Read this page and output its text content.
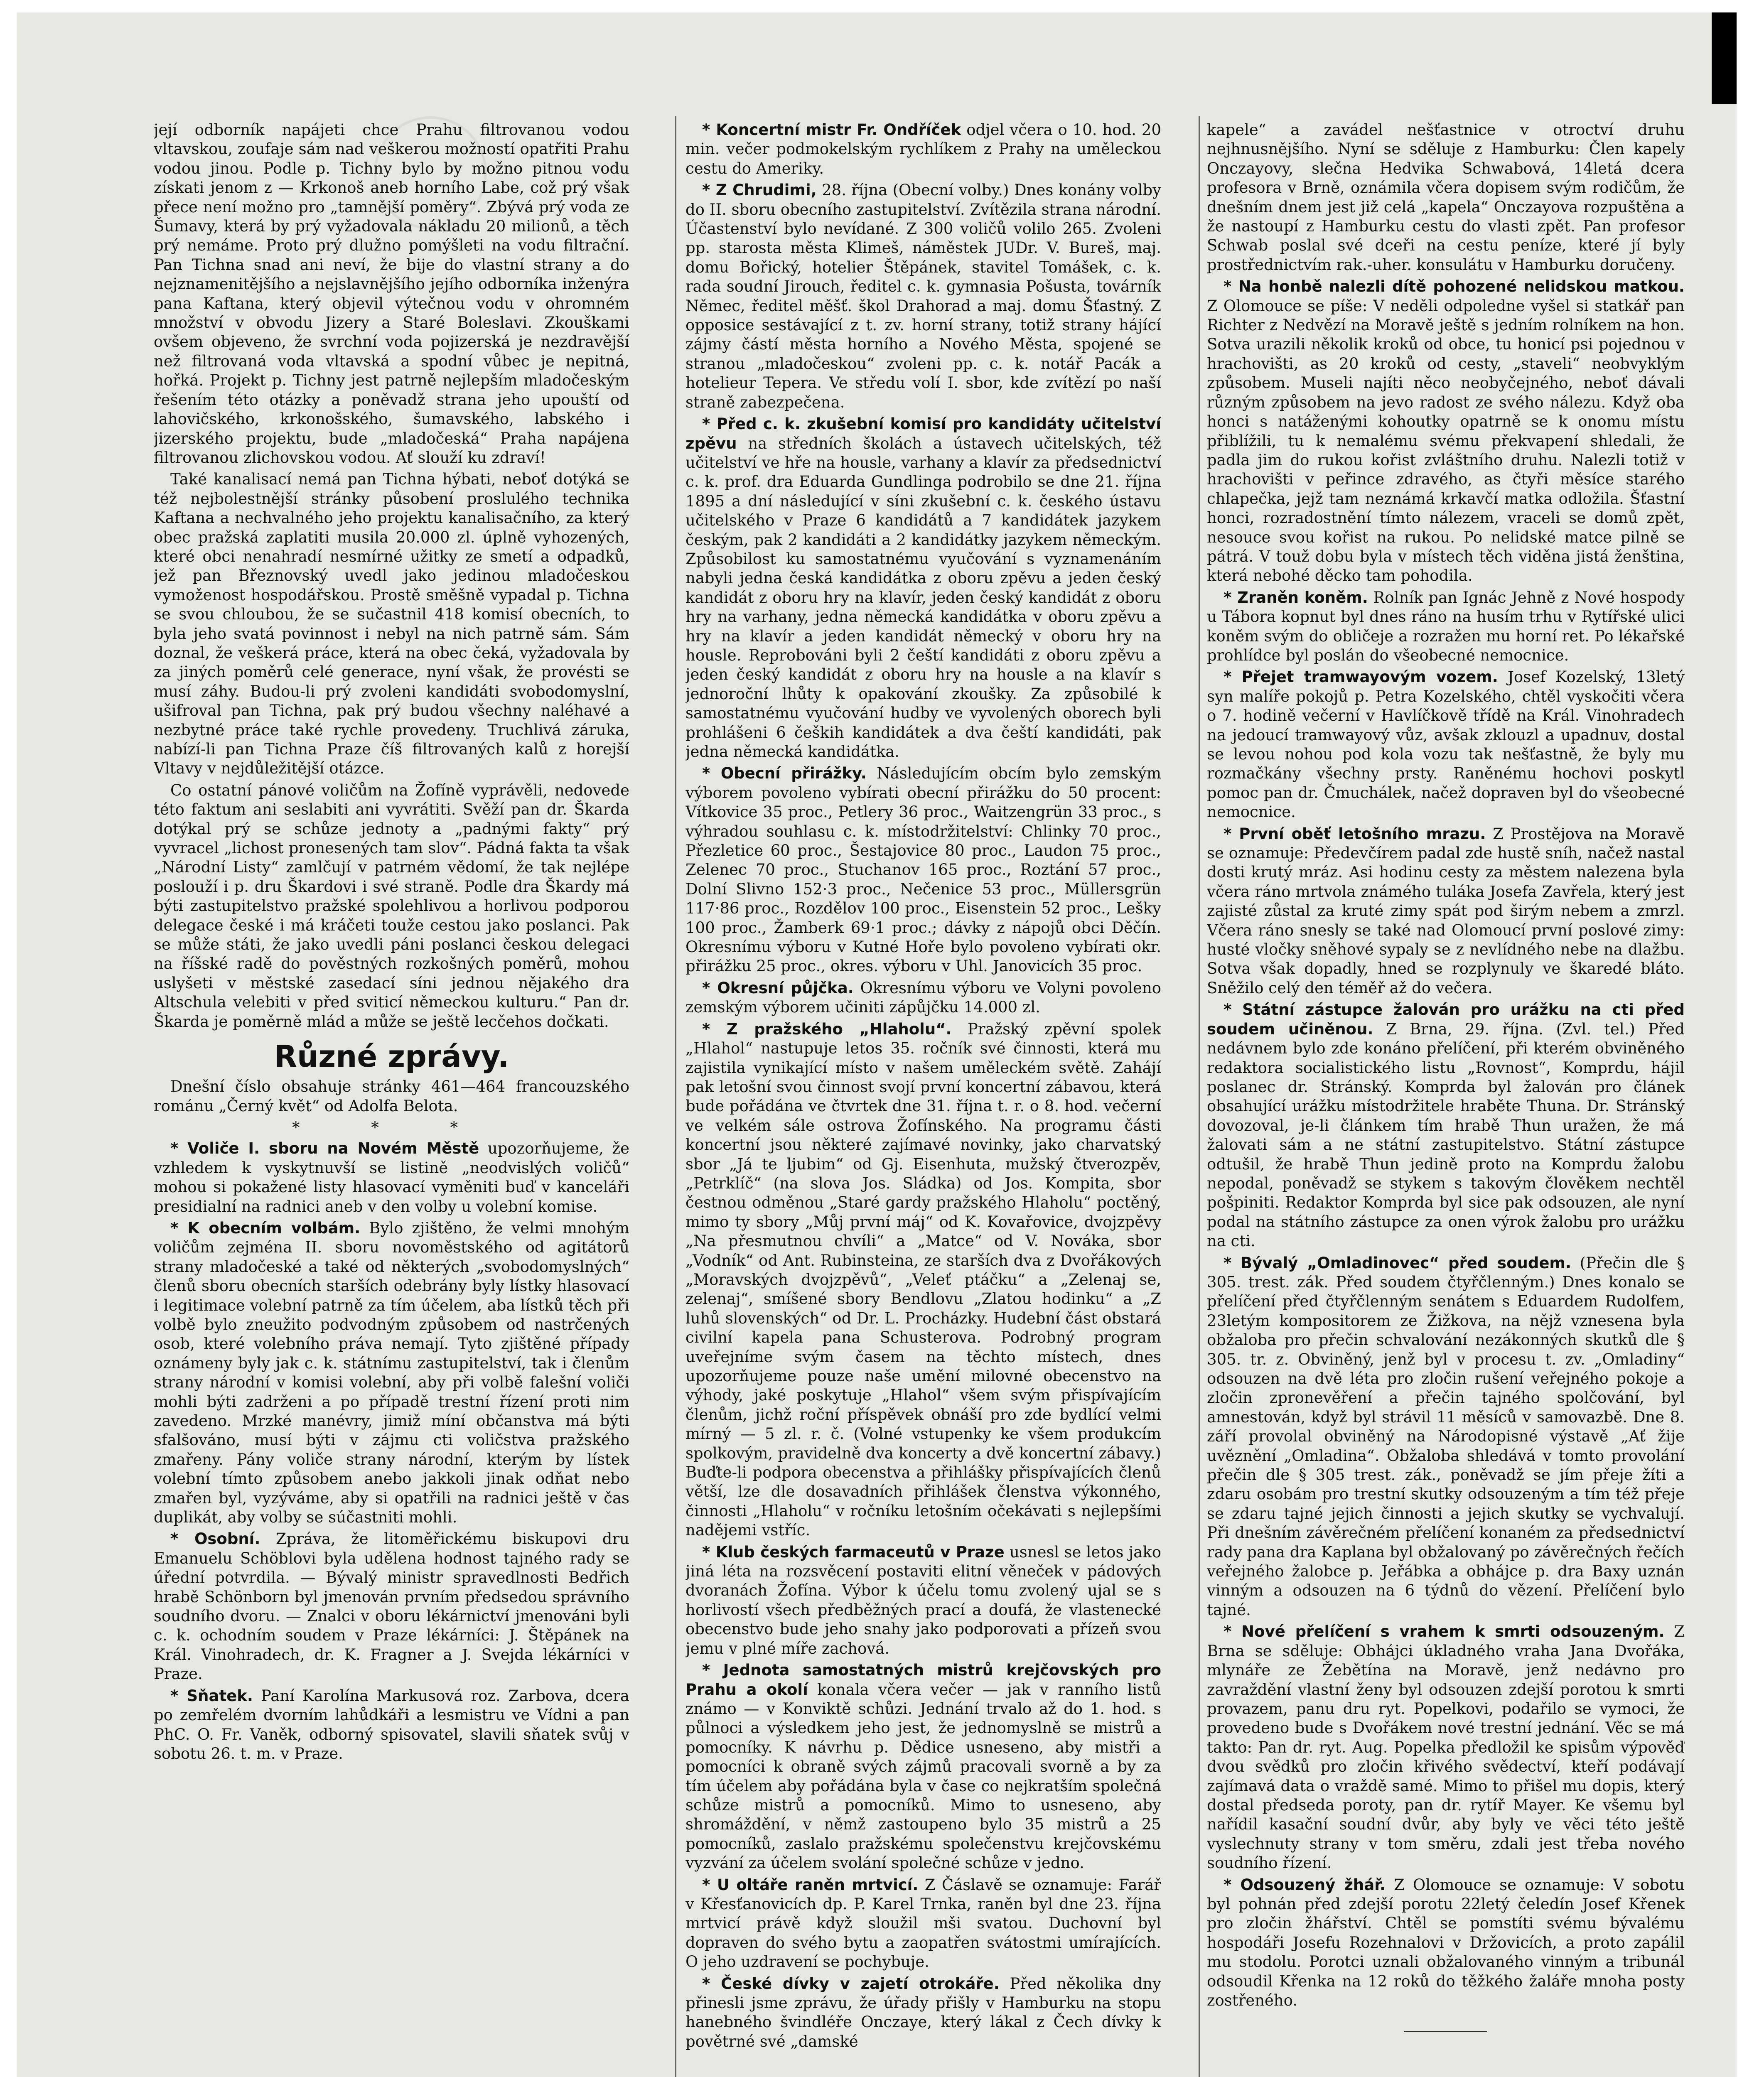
její odborník napájeti chce Prahu filtrovanou vodou vltavskou, zoufaje sám nad veškerou možností opatřiti Prahu vodou jinou. Podle p. Tichny bylo by možno pitnou vodu získati jenom z — Krkonoš aneb horního Labe, což prý však přece není možno pro „tamnější poměry“. Zbývá prý voda ze Šumavy, která by prý vyžadovala nákladu 20 milionů, a těch prý nemáme. Proto prý dlužno pomýšleti na vodu filtrační. Pan Tichna snad ani neví, že bije do vlastní strany a do nejznamenitějšího a nejslavnějšího jejího odborníka inženýra pana Kaftana, který objevil výtečnou vodu v ohromném množství v obvodu Jizery a Staré Boleslavi. Zkouškami ovšem objeveno, že svrchní voda pojizerská je nezdravější než filtrovaná voda vltavská a spodní vůbec je nepitná, hořká. Projekt p. Tichny jest patrně nejlepším mladočeským řešením této otázky a poněvadž strana jeho upouští od lahovičského, krkonošského, šumavského, labského i jizerského projektu, bude „mladočeská“ Praha napájena filtrovanou zlichovskou vodou. Ať slouží ku zdraví!

Také kanalisací nemá pan Tichna hýbati, neboť dotýká se též nejbolestnější stránky působení proslulého technika Kaftana a nechvalného jeho projektu kanalisačního, za který obec pražská zaplatiti musila 20.000 zl. úplně vyhozených, které obci nenahradí nesmírné užitky ze smetí a odpadků, jež pan Březnovský uvedl jako jedinou mladočeskou vymoženost hospodářskou. Prostě směšně vypadal p. Tichna se svou chloubou, že se sučastnil 418 komisí obecních, to byla jeho svatá povinnost i nebyl na nich patrně sám. Sám doznal, že veškerá práce, která na obec čeká, vyžadovala by za jiných poměrů celé generace, nyní však, že provésti se musí záhy. Budou-li prý zvoleni kandidáti svobodomyslní, ušifroval pan Tichna, pak prý budou všechny naléhavé a nezbytné práce také rychle provedeny. Truchlivá záruka, nabízí-li pan Tichna Praze číš filtrovaných kalů z horejší Vltavy v nejdůležitější otázce.

Co ostatní pánové voličům na Žofíně vyprávěli, nedovede této faktum ani seslabiti ani vyvrátiti. Svěží pan dr. Škarda dotýkal prý se schůze jednoty a „padnými fakty“ prý vyvracel „lichost pronesených tam slov“. Pádná fakta ta však „Národní Listy“ zamlčují v patrném vědomí, že tak nejlépe poslouží i p. dru Škardovi i své straně. Podle dra Škardy má býti zastupitelstvo pražské spolehlivou a horlivou podporou delegace české i má kráčeti touže cestou jako poslanci. Pak se může státi, že jako uvedli páni poslanci českou delegaci na říšské radě do pověstných rozkošných poměrů, mohou uslyšeti v městské zasedací síni jednou nějakého dra Altschula velebiti v před sviticí německou kulturu.“ Pan dr. Škarda je poměrně mlád a může se ještě lecčehos dočkati.

Různé zprávy.

Dnešní číslo obsahuje stránky 461—464 francouzského románu „Černý květ“ od Adolfa Belota.

* * *

* Voliče I. sboru na Novém Městě upozorňujeme, že vzhledem k vyskytnuvší se listině „neodvislých voličů“ mohou si pokažené listy hlasovací vyměniti buď v kanceláři presidialní na radnici aneb v den volby u volební komise.

* K obecním volbám. Bylo zjištěno, že velmi mnohým voličům zejména II. sboru novoměstského od agitátorů strany mladočeské a také od některých „svobodomyslných“ členů sboru obecních starších odebrány byly lístky hlasovací i legitimace volební patrně za tím účelem, aba lístků těch při volbě bylo zneužito podvodným způsobem od nastrčených osob, které volebního práva nemají. Tyto zjištěné případy oznámeny byly jak c. k. státnímu zastupitelství, tak i členům strany národní v komisi volební, aby při volbě falešní voliči mohli býti zadrženi a po případě trestní řízení proti nim zavedeno. Mrzké manévry, jimiž míní občanstva má býti sfalšováno, musí býti v zájmu cti voličstva pražského zmařeny. Pány voliče strany národní, kterým by lístek volební tímto způsobem anebo jakkoli jinak odňat nebo zmařen byl, vyzýváme, aby si opatřili na radnici ještě v čas duplikát, aby volby se súčastniti mohli.

* Osobní. Zpráva, že litoměřickému biskupovi dru Emanuelu Schöblovi byla udělena hodnost tajného rady se úřední potvrdila. — Bývalý ministr spravedlnosti Bedřich hrabě Schönborn byl jmenován prvním předsedou správního soudního dvoru. — Znalci v oboru lékárnictví jmenováni byli c. k. ochodním soudem v Praze lékárníci: J. Štěpánek na Král. Vinohradech, dr. K. Fragner a J. Svejda lékárníci v Praze.

* Sňatek. Paní Karolína Markusová roz. Zarbova, dcera po zemřelém dvorním lahůdkáři a lesmistru ve Vídni a pan PhC. O. Fr. Vaněk, odborný spisovatel, slavili sňatek svůj v sobotu 26. t. m. v Praze.

* Koncertní mistr Fr. Ondříček odjel včera o 10. hod. 20 min. večer podmokelským rychlíkem z Prahy na uměleckou cestu do Ameriky.

* Z Chrudimi, 28. října (Obecní volby.) Dnes konány volby do II. sboru obecního zastupitelství. Zvítězila strana národní. Účastenství bylo nevídané. Z 300 voličů volilo 265. Zvoleni pp. starosta města Klimeš, náměstek JUDr. V. Bureš, maj. domu Bořický, hotelier Štěpánek, stavitel Tomášek, c. k. rada soudní Jirouch, ředitel c. k. gymnasia Pošusta, továrník Němec, ředitel měšť. škol Drahorad a maj. domu Šťastný. Z opposice sestávající z t. zv. horní strany, totiž strany hájící zájmy částí města horního a Nového Města, spojené se stranou „mladočeskou“ zvoleni pp. c. k. notář Pacák a hotelieur Tepera. Ve středu volí I. sbor, kde zvítězí po naší straně zabezpečena.

* Před c. k. zkušební komisí pro kandidáty učitelství zpěvu na středních školách a ústavech učitelských, též učitelství ve hře na housle, varhany a klavír za předsednictví c. k. prof. dra Eduarda Gundlinga podrobilo se dne 21. října 1895 a dní následující v síni zkušební c. k. českého ústavu učitelského v Praze 6 kandidátů a 7 kandidátek jazykem českým, pak 2 kandidáti a 2 kandidátky jazykem německým. Způsobilost ku samostatnému vyučování s vyznamenáním nabyli jedna česká kandidátka z oboru zpěvu a jeden český kandidát z oboru hry na klavír, jeden český kandidát z oboru hry na varhany, jedna německá kandidátka v oboru zpěvu a hry na klavír a jeden kandidát německý v oboru hry na housle. Reprobováni byli 2 čeští kandidáti z oboru zpěvu a jeden český kandidát z oboru hry na housle a na klavír s jednoroční lhůty k opakování zkoušky. Za způsobilé k samostatnému vyučování hudby ve vyvolených oborech byli prohlášeni 6 čeških kandidátek a dva čeští kandidáti, pak jedna německá kandidátka.

* Obecní přirážky. Následujícím obcím bylo zemským výborem povoleno vybírati obecní přirážku do 50 procent: Vítkovice 35 proc., Petlery 36 proc., Waitzengrün 33 proc., s výhradou souhlasu c. k. místodržitelství: Chlinky 70 proc., Přezletice 60 proc., Šestajovice 80 proc., Laudon 75 proc., Zelenec 70 proc., Stuchanov 165 proc., Roztání 57 proc., Dolní Slivno 152·3 proc., Nečenice 53 proc., Müllersgrün 117·86 proc., Rozdělov 100 proc., Eisenstein 52 proc., Lešky 100 proc., Žamberk 69·1 proc.; dávky z nápojů obci Děčín. Okresnímu výboru v Kutné Hoře bylo povoleno vybírati okr. přirážku 25 proc., okres. výboru v Uhl. Janovicích 35 proc.

* Okresní půjčka. Okresnímu výboru ve Volyni povoleno zemským výborem učiniti zápůjčku 14.000 zl.

* Z pražského „Hlaholu“. Pražský zpěvní spolek „Hlahol“ nastupuje letos 35. ročník své činnosti, která mu zajistila vynikající místo v našem uměleckém světě. Zahájí pak letošní svou činnost svojí první koncertní zábavou, která bude pořádána ve čtvrtek dne 31. října t. r. o 8. hod. večerní ve velkém sále ostrova Žofínského. Na programu části koncertní jsou některé zajímavé novinky, jako charvatský sbor „Já te ljubim“ od Gj. Eisenhuta, mužský čtverozpěv, „Petrklíč“ (na slova Jos. Sládka) od Jos. Kompita, sbor čestnou odměnou „Staré gardy pražského Hlaholu“ poctěný, mimo ty sbory „Můj první máj“ od K. Kovařovice, dvojzpěvy „Na přesmutnou chvíli“ a „Matce“ od V. Nováka, sbor „Vodník“ od Ant. Rubinsteina, ze starších dva z Dvořákových „Moravských dvojzpěvů“, „Veleť ptáčku“ a „Zelenaj se, zelenaj“, smíšené sbory Bendlovu „Zlatou hodinku“ a „Z luhů slovenských“ od Dr. L. Procházky. Hudební část obstará civilní kapela pana Schusterova. Podrobný program uveřejníme svým časem na těchto místech, dnes upozorňujeme pouze naše umění milovné obecenstvo na výhody, jaké poskytuje „Hlahol“ všem svým přispívajícím členům, jichž roční příspěvek obnáší pro zde bydlící velmi mírný — 5 zl. r. č. (Volné vstupenky ke všem produkcím spolkovým, pravidelně dva koncerty a dvě koncertní zábavy.) Buďte-li podpora obecenstva a přihlášky přispívajících členů větší, lze dle dosavadních přihlášek členstva výkonného, činnosti „Hlaholu“ v ročníku letošním očekávati s nejlepšími nadějemi vstříc.

* Klub českých farmaceutů v Praze usnesl se letos jako jiná léta na rozsvěcení postaviti elitní věneček v pádových dvoranách Žofína. Výbor k účelu tomu zvolený ujal se s horlivostí všech předběžných prací a doufá, že vlastenecké obecenstvo bude jeho snahy jako podporovati a přízeň svou jemu v plné míře zachová.

* Jednota samostatných mistrů krejčovských pro Prahu a okolí konala včera večer — jak v ranního listů známo — v Konviktě schůzi. Jednání trvalo až do 1. hod. s půlnoci a výsledkem jeho jest, že jednomyslně se mistrů a pomocníky. K návrhu p. Dědice usneseno, aby mistři a pomocníci k obraně svých zájmů pracovali svorně a by za tím účelem aby pořádána byla v čase co nejkratším společná schůze mistrů a pomocníků. Mimo to usneseno, aby shromáždění, v němž zastoupeno bylo 35 mistrů a 25 pomocníků, zaslalo pražskému společenstvu krejčovskému vyzvání za účelem svolání společné schůze v jedno.

* U oltáře raněn mrtvicí. Z Čáslavě se oznamuje: Farář v Křesťanovicích dp. P. Karel Trnka, raněn byl dne 23. října mrtvicí právě když sloužil mši svatou. Duchovní byl dopraven do svého bytu a zaopatřen svátostmi umírajících. O jeho uzdravení se pochybuje.

* České dívky v zajetí otrokáře. Před několika dny přinesli jsme zprávu, že úřady přišly v Hamburku na stopu hanebného švindléře Onczaye, který lákal z Čech dívky k povětrné své „damské

kapele“ a zavádel nešťastnice v otroctví druhu nejhnusnějšího. Nyní se sděluje z Hamburku: Člen kapely Onczayovy, slečna Hedvika Schwabová, 14letá dcera profesora v Brně, oznámila včera dopisem svým rodičům, že dnešním dnem jest již celá „kapela“ Onczayova rozpuštěna a že nastoupí z Hamburku cestu do vlasti zpět. Pan profesor Schwab poslal své dceři na cestu peníze, které jí byly prostřednictvím rak.-uher. konsulátu v Hamburku doručeny.

* Na honbě nalezli dítě pohozené nelidskou matkou. Z Olomouce se píše: V neděli odpoledne vyšel si statkář pan Richter z Nedvězí na Moravě ještě s jedním rolníkem na hon. Sotva urazili několik kroků od obce, tu honicí psi pojednou v hrachovišti, as 20 kroků od cesty, „staveli“ neobvyklým způsobem. Museli najíti něco neobyčejného, neboť dávali různým způsobem na jevo radost ze svého nálezu. Když oba honci s natáženými kohoutky opatrně se k onomu místu přiblížili, tu k nemalému svému překvapení shledali, že padla jim do rukou kořist zvláštního druhu. Nalezli totiž v hrachovišti v peřince zdravého, as čtyři měsíce starého chlapečka, jejž tam neznámá krkavčí matka odložila. Šťastní honci, rozradostnění tímto nálezem, vraceli se domů zpět, nesouce svou kořist na rukou. Po nelidské matce pilně se pátrá. V touž dobu byla v místech těch viděna jistá ženština, která nebohé děcko tam pohodila.

* Zraněn koněm. Rolník pan Ignác Jehně z Nové hospody u Tábora kopnut byl dnes ráno na husím trhu v Rytířské ulici koněm svým do obličeje a rozražen mu horní ret. Po lékařské prohlídce byl poslán do všeobecné nemocnice.

* Přejet tramwayovým vozem. Josef Kozelský, 13letý syn malíře pokojů p. Petra Kozelského, chtěl vyskočiti včera o 7. hodině večerní v Havlíčkově třídě na Král. Vinohradech na jedoucí tramwayový vůz, avšak zklouzl a upadnuv, dostal se levou nohou pod kola vozu tak nešťastně, že byly mu rozmačkány všechny prsty. Raněnému hochovi poskytl pomoc pan dr. Čmuchálek, načež dopraven byl do všeobecné nemocnice.

* První oběť letošního mrazu. Z Prostějova na Moravě se oznamuje: Předevčírem padal zde hustě sníh, načež nastal dosti krutý mráz. Asi hodinu cesty za městem nalezena byla včera ráno mrtvola známého tuláka Josefa Zavřela, který jest zajisté zůstal za kruté zimy spát pod širým nebem a zmrzl. Včera ráno snesly se také nad Olomoucí první poslové zimy: husté vločky sněhové sypaly se z nevlídného nebe na dlažbu. Sotva však dopadly, hned se rozplynuly ve škaredé bláto. Sněžilo celý den téměř až do večera.

* Státní zástupce žalován pro urážku na cti před soudem učiněnou. Z Brna, 29. října. (Zvl. tel.) Před nedávnem bylo zde konáno přelíčení, při kterém obviněného redaktora socialistického listu „Rovnost“, Komprdu, hájil poslanec dr. Stránský. Komprda byl žalován pro článek obsahující urážku místodržitele hraběte Thuna. Dr. Stránský dovozoval, je-li článkem tím hrabě Thun uražen, že má žalovati sám a ne státní zastupitelstvo. Státní zástupce odtušil, že hrabě Thun jedině proto na Komprdu žalobu nepodal, poněvadž se stykem s takovým člověkem nechtěl pošpiniti. Redaktor Komprda byl sice pak odsouzen, ale nyní podal na státního zástupce za onen výrok žalobu pro urážku na cti.

* Bývalý „Omladinovec“ před soudem. (Přečin dle § 305. trest. zák. Před soudem čtyřčlenným.) Dnes konalo se přelíčení před čtyřčlenným senátem s Eduardem Rudolfem, 23letým kompositorem ze Žižkova, na nějž vznesena byla obžaloba pro přečin schvalování nezákonných skutků dle § 305. tr. z. Obviněný, jenž byl v procesu t. zv. „Omladiny“ odsouzen na dvě léta pro zločin rušení veřejného pokoje a zločin zpronevěření a přečin tajného spolčování, byl amnestován, když byl strávil 11 měsíců v samovazbě. Dne 8. září provolal obviněný na Národopisné výstavě „Ať žije uvěznění „Omladina“. Obžaloba shledává v tomto provolání přečin dle § 305 trest. zák., poněvadž se jím přeje žíti a zdaru osobám pro trestní skutky odsouzeným a tím též přeje se zdaru tajné jejich činnosti a jejich skutky se vychvalují. Při dnešním závěrečném přelíčení konaném za předsednictví rady pana dra Kaplana byl obžalovaný po závěrečných řečích veřejného žalobce p. Jeřábka a obhájce p. dra Baxy uznán vinným a odsouzen na 6 týdnů do vězení. Přelíčení bylo tajné.

* Nové přelíčení s vrahem k smrti odsouzeným. Z Brna se sděluje: Obhájci úkladného vraha Jana Dvořáka, mlynáře ze Žebětína na Moravě, jenž nedávno pro zavraždění vlastní ženy byl odsouzen zdejší porotou k smrti provazem, panu dru ryt. Popelkovi, podařilo se vymoci, že provedeno bude s Dvořákem nové trestní jednání. Věc se má takto: Pan dr. ryt. Aug. Popelka předložil ke spisům výpověď dvou svědků pro zločin křivého svědectví, kteří podávají zajímavá data o vraždě samé. Mimo to přišel mu dopis, který dostal předseda poroty, pan dr. rytíř Mayer. Ke všemu byl nařídil kasační soudní dvůr, aby byly ve věci této ještě vyslechnuty strany v tom směru, zdali jest třeba nového soudního řízení.

* Odsouzený žhář. Z Olomouce se oznamuje: V sobotu byl pohnán před zdejší porotu 22letý čeledín Josef Křenek pro zločin žhářství. Chtěl se pomstíti svému bývalému hospodáři Josefu Rozehnalovi v Držovicích, a proto zapálil mu stodolu. Porotci uznali obžalovaného vinným a tribunál odsoudil Křenka na 12 roků do těžkého žaláře mnoha posty zostřeného.
